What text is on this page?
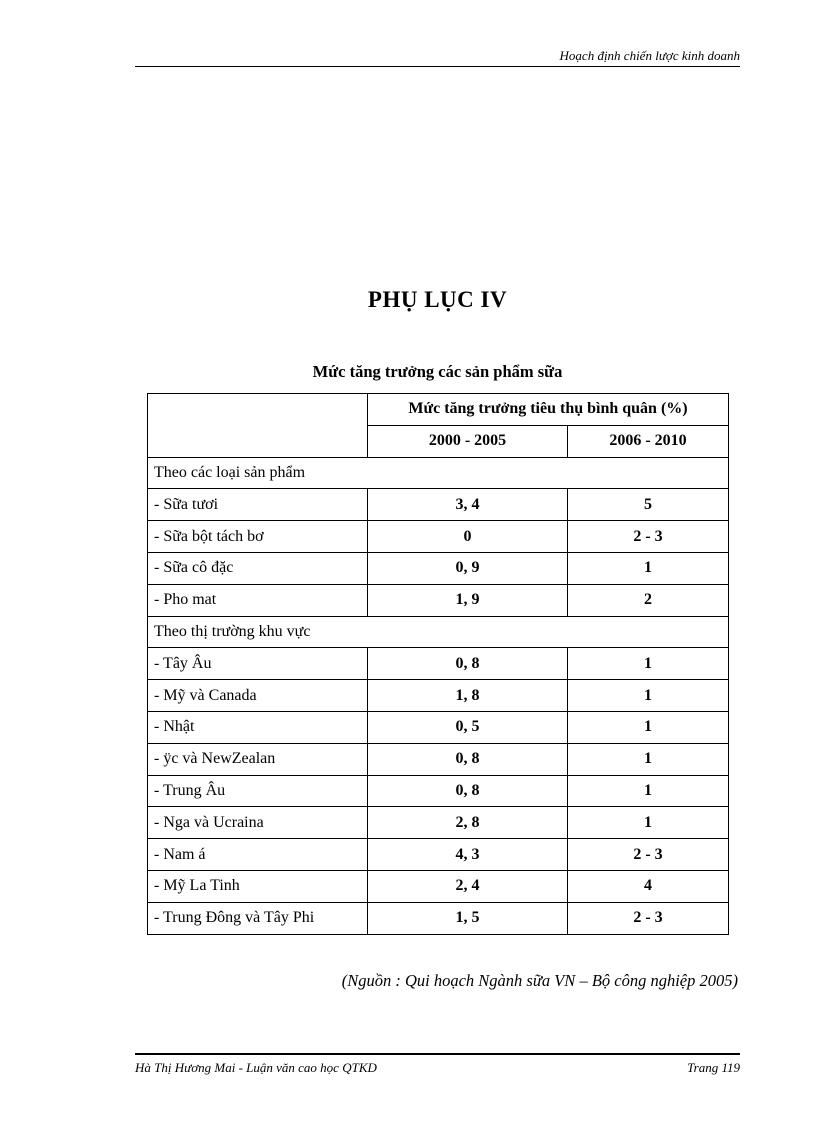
Hoạch định chiến lược kinh doanh
PHỤ LỤC IV
Mức tăng trưởng các sản phẩm sữa
	Mức tăng trưởng tiêu thụ bình quân (%)	
	2000 - 2005	2006 - 2010
Theo các loại sản phẩm		
- Sữa tươi	3, 4	5
- Sữa bột tách bơ	0	2 - 3
- Sữa cô đặc	0, 9	1
- Pho mat	1, 9	2
Theo thị trường khu vực		
- Tây Âu	0, 8	1
- Mỹ và Canada	1, 8	1
- Nhật	0, 5	1
- ÿc và NewZealan	0, 8	1
- Trung Âu	0, 8	1
- Nga và Ucraina	2, 8	1
- Nam á	4, 3	2 - 3
- Mỹ La Tinh	2, 4	4
- Trung Đông và Tây Phi	1, 5	2 - 3
(Nguồn : Qui hoạch Ngành sữa VN – Bộ công nghiệp 2005)
Hà Thị Hương Mai - Luận văn cao học QTKD	Trang 119
